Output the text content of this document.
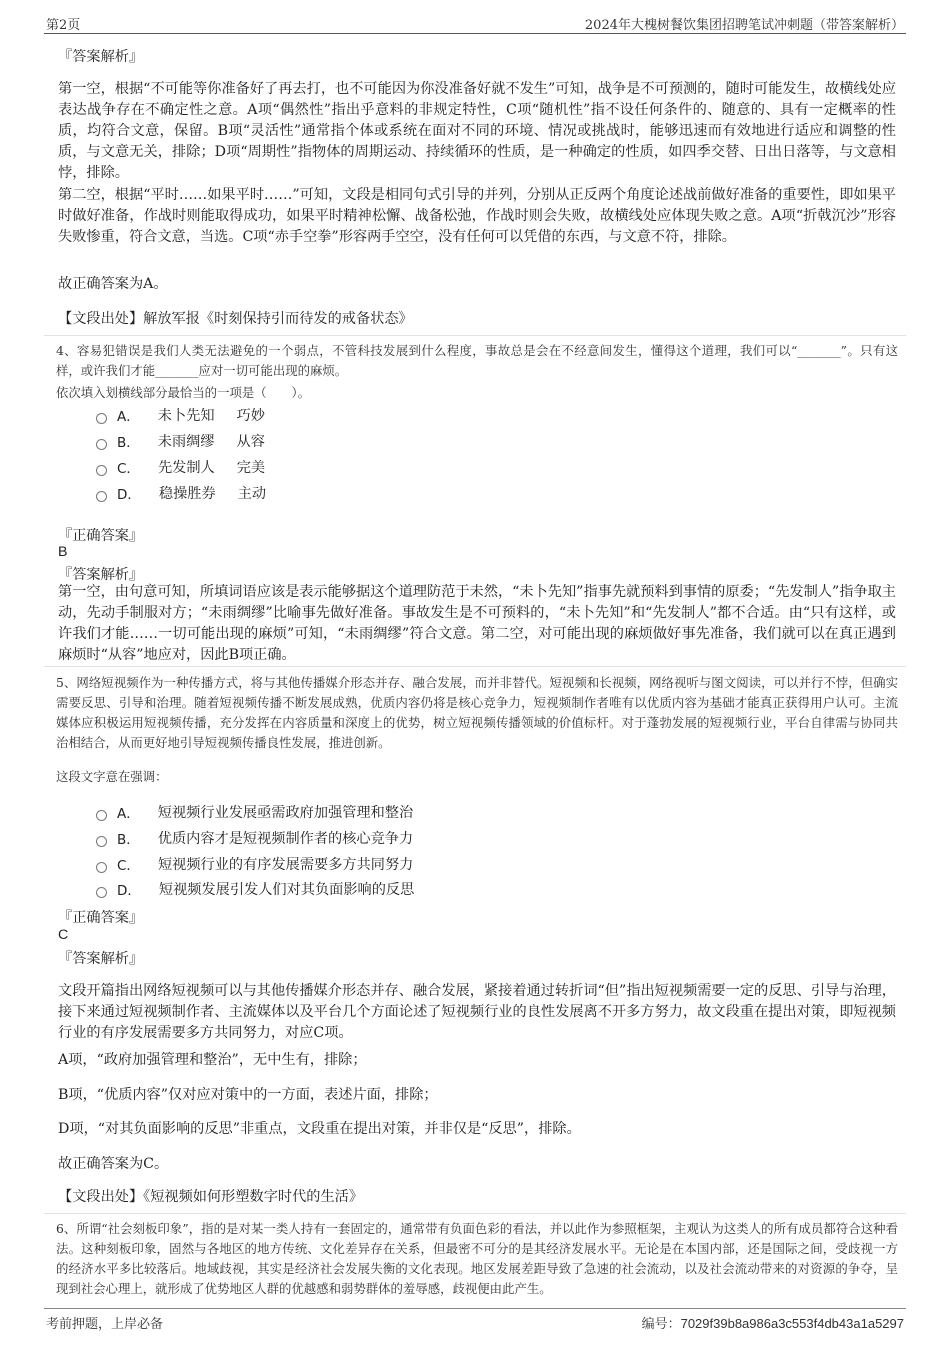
第2页	2024年大槐树餐饮集团招聘笔试冲刺题（带答案解析）
『答案解析』
第一空，根据“不可能等你准备好了再去打，也不可能因为你没准备好就不发生”可知，战争是不可预测的，随时可能发生，故横线处应表达战争存在不确定性之意。A项“偶然性”指出乎意料的非规定特性，C项“随机性”指不设任何条件的、随意的、具有一定概率的性质，均符合文意，保留。B项“灵活性”通常指个体或系统在面对不同的环境、情况或挑战时，能够迅速而有效地进行适应和调整的性质，与文意无关，排除；D项“周期性”指物体的周期运动、持续循环的性质，是一种确定的性质，如四季交替、日出日落等，与文意相悖，排除。
第二空，根据“平时……如果平时……”可知，文段是相同句式引导的并列，分别从正反两个角度论述战前做好准备的重要性，即如果平时做好准备，作战时则能取得成功，如果平时精神松懈、战备松弛，作战时则会失败，故横线处应体现失败之意。A项“折戟沉沙”形容失败惨重，符合文意，当选。C项“赤手空拳”形容两手空空，没有任何可以凭借的东西，与文意不符，排除。
故正确答案为A。
【文段出处】解放军报《时刻保持引而待发的戒备状态》
4、容易犯错误是我们人类无法避免的一个弱点，不管科技发展到什么程度，事故总是会在不经意间发生，懂得这个道理，我们可以“_______”。只有这样，或许我们才能_______应对一切可能出现的麻烦。
依次填入划横线部分最恰当的一项是（　　）。
A． 未卜先知 巧妙
B． 未雨绸缪 从容
C． 先发制人 完美
D． 稳操胜券 主动
『正确答案』
B
『答案解析』
第一空，由句意可知，所填词语应该是表示能够据这个道理防范于未然，“未卜先知”指事先就预料到事情的原委；“先发制人”指争取主动，先动手制服对方；“未雨绸缪”比喻事先做好准备。事故发生是不可预料的，“未卜先知”和“先发制人”都不合适。由“只有这样，或许我们才能……一切可能出现的麻烦”可知，“未雨绸缪”符合文意。第二空，对可能出现的麻烦做好事先准备，我们就可以在真正遇到麻烦时“从容”地应对，因此B项正确。
5、网络短视频作为一种传播方式，将与其他传播媒介形态并存、融合发展，而并非替代。短视频和长视频，网络视听与图文阅读，可以并行不悖，但确实需要反思、引导和治理。随着短视频传播不断发展成熟，优质内容仍将是核心竞争力，短视频制作者唯有以优质内容为基础才能真正获得用户认可。主流媒体应积极运用短视频传播，充分发挥在内容质量和深度上的优势，树立短视频传播领域的价值标杆。对于蓬勃发展的短视频行业，平台自律需与协同共治相结合，从而更好地引导短视频传播良性发展，推进创新。
这段文字意在强调：
A． 短视频行业发展亟需政府加强管理和整治
B． 优质内容才是短视频制作者的核心竞争力
C． 短视频行业的有序发展需要多方共同努力
D． 短视频发展引发人们对其负面影响的反思
『正确答案』
C
『答案解析』
文段开篇指出网络短视频可以与其他传播媒介形态并存、融合发展，紧接着通过转折词“但”指出短视频需要一定的反思、引导与治理，接下来通过短视频制作者、主流媒体以及平台几个方面论述了短视频行业的良性发展离不开多方努力，故文段重在提出对策，即短视频行业的有序发展需要多方共同努力，对应C项。
A项，“政府加强管理和整治”，无中生有，排除；
B项，“优质内容”仅对应对策中的一方面，表述片面，排除；
D项，“对其负面影响的反思”非重点，文段重在提出对策，并非仅是“反思”，排除。
故正确答案为C。
【文段出处】《短视频如何形塑数字时代的生活》
6、所谓“社会刻板印象”，指的是对某一类人持有一套固定的，通常带有负面色彩的看法，并以此作为参照框架，主观认为这类人的所有成员都符合这种看法。这种刻板印象，固然与各地区的地方传统、文化差异存在关系，但最密不可分的是其经济发展水平。无论是在本国内部，还是国际之间，受歧视一方的经济水平多比较落后。地域歧视，其实是经济社会发展失衡的文化表现。地区发展差距导致了急速的社会流动，以及社会流动带来的对资源的争夺，呈现到社会心理上，就形成了优势地区人群的优越感和弱势群体的羞辱感，歧视便由此产生。
考前押题，上岸必备	编号：7029f39b8a986a3c553f4db43a1a5297
